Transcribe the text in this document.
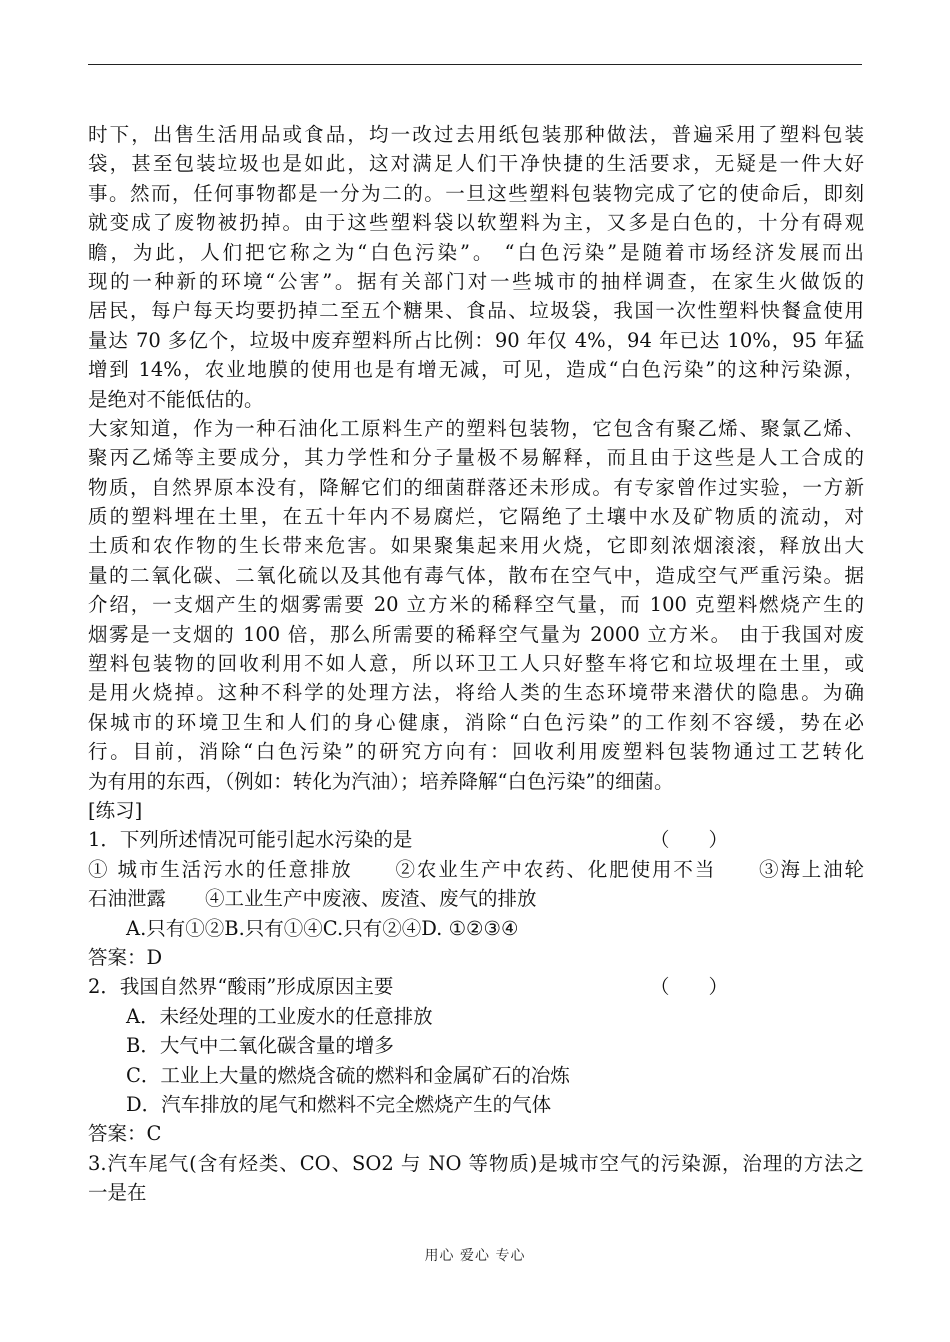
时下，出售生活用品或食品，均一改过去用纸包装那种做法，普遍采用了塑料包装
袋，甚至包装垃圾也是如此，这对满足人们干净快捷的生活要求，无疑是一件大好
事。然而，任何事物都是一分为二的。一旦这些塑料包装物完成了它的使命后，即刻
就变成了废物被扔掉。由于这些塑料袋以软塑料为主，又多是白色的，十分有碍观
瞻，为此，人们把它称之为“白色污染”。 “白色污染”是随着市场经济发展而出
现的一种新的环境“公害”。据有关部门对一些城市的抽样调查，在家生火做饭的
居民，每户每天均要扔掉二至五个糖果、食品、垃圾袋，我国一次性塑料快餐盒使用
量达 70 多亿个，垃圾中废弃塑料所占比例：90 年仅 4%，94 年已达 10%，95 年猛
增到 14%，农业地膜的使用也是有增无减，可见，造成“白色污染”的这种污染源，
是绝对不能低估的。
大家知道，作为一种石油化工原料生产的塑料包装物，它包含有聚乙烯、聚氯乙烯、
聚丙乙烯等主要成分，其力学性和分子量极不易解释，而且由于这些是人工合成的
物质，自然界原本没有，降解它们的细菌群落还未形成。有专家曾作过实验，一方新
质的塑料埋在土里，在五十年内不易腐烂，它隔绝了土壤中水及矿物质的流动，对
土质和农作物的生长带来危害。如果聚集起来用火烧，它即刻浓烟滚滚，释放出大
量的二氧化碳、二氧化硫以及其他有毒气体，散布在空气中，造成空气严重污染。据
介绍，一支烟产生的烟雾需要 20 立方米的稀释空气量，而 100 克塑料燃烧产生的
烟雾是一支烟的 100 倍，那么所需要的稀释空气量为 2000 立方米。 由于我国对废
塑料包装物的回收利用不如人意，所以环卫工人只好整车将它和垃圾埋在土里，或
是用火烧掉。这种不科学的处理方法，将给人类的生态环境带来潜伏的隐患。为确
保城市的环境卫生和人们的身心健康，消除“白色污染”的工作刻不容缓，势在必
行。目前，消除“白色污染”的研究方向有：回收利用废塑料包装物通过工艺转化
为有用的东西，（例如：转化为汽油）；培养降解“白色污染”的细菌。
[练习]
1．下列所述情况可能引起水污染的是	（　　）
① 城市生活污水的任意排放　　②农业生产中农药、化肥使用不当　　③海上油轮
石油泄露　　④工业生产中废液、废渣、废气的排放
A.只有①②B.只有①④C.只有②④D. ①②③④
答案：D
2．我国自然界“酸雨”形成原因主要	（　　）
A．未经处理的工业废水的任意排放
B．大气中二氧化碳含量的增多
C．工业上大量的燃烧含硫的燃料和金属矿石的冶炼
D．汽车排放的尾气和燃料不完全燃烧产生的气体
答案：C
3.汽车尾气(含有烃类、CO、SO2 与 NO 等物质)是城市空气的污染源，治理的方法之
一是在
用心 爱心 专心
